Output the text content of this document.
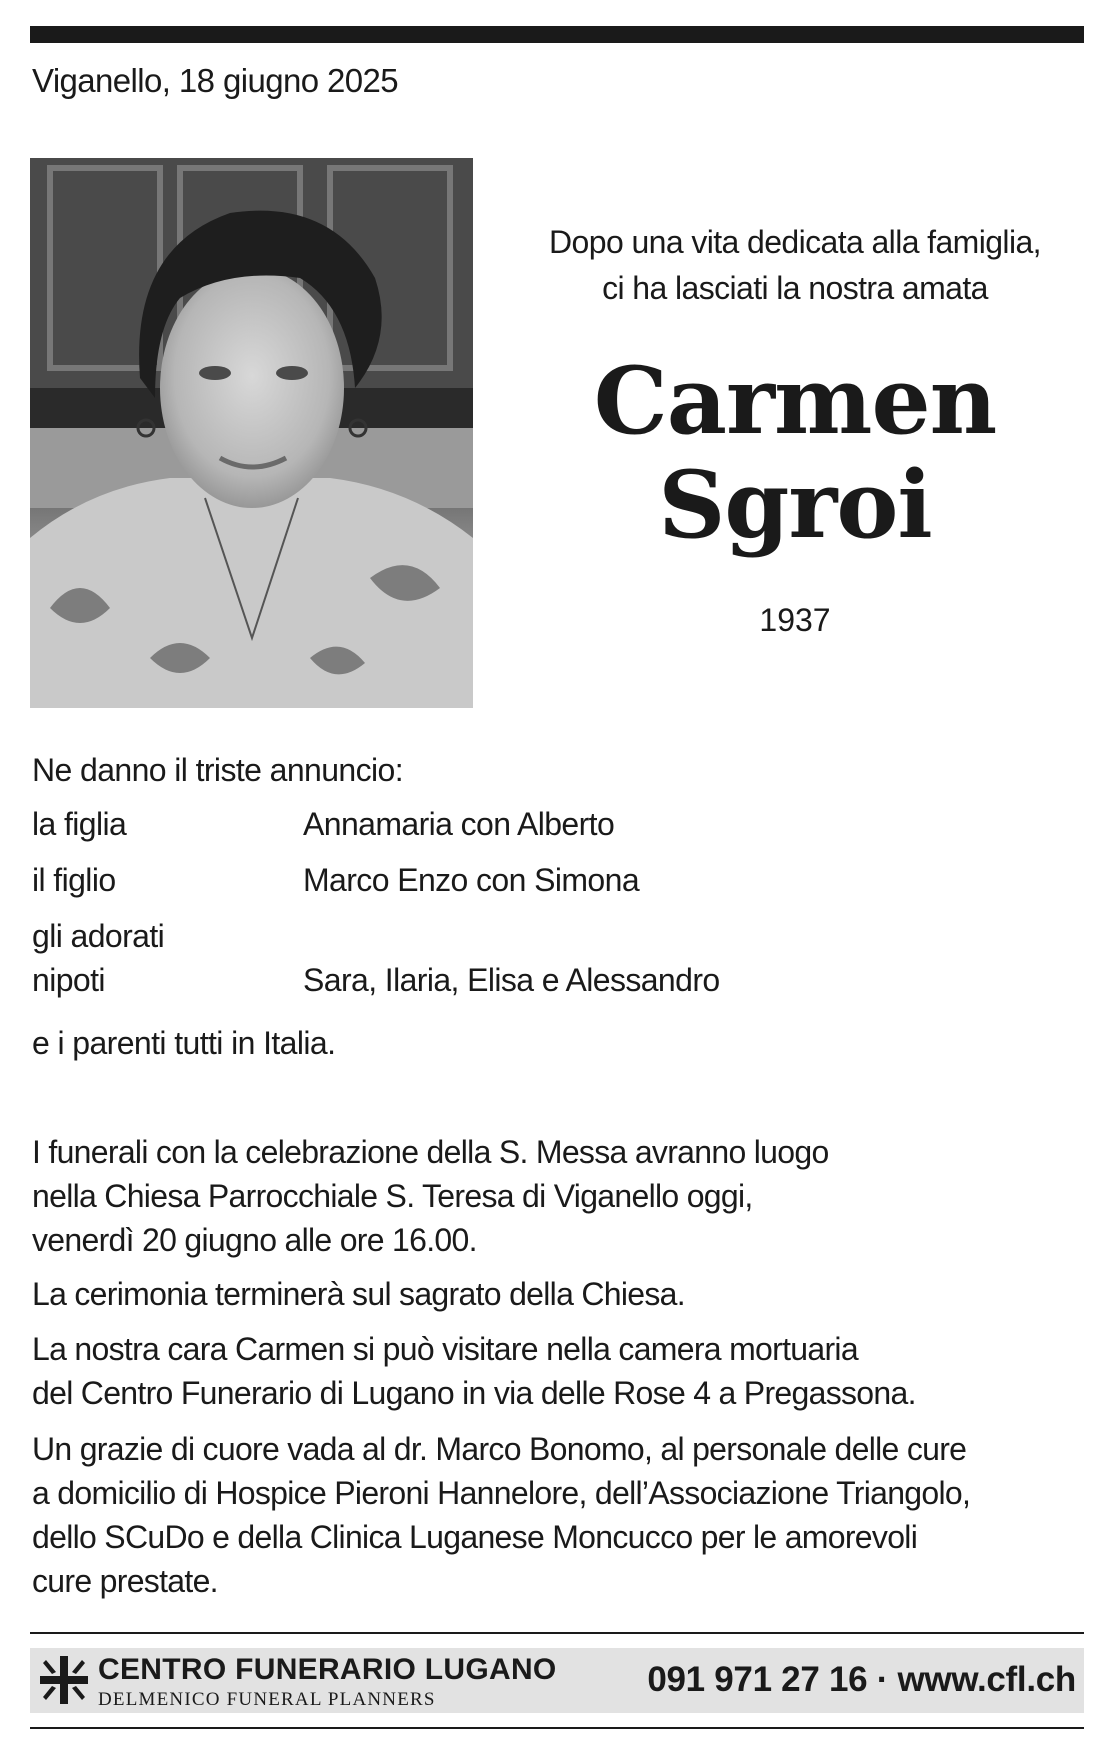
Viganello, 18 giugno 2025
Dopo una vita dedicata alla famiglia,
ci ha lasciati la nostra amata
Carmen
Sgroi
1937
Ne danno il triste annuncio:
la figlia	Annamaria con Alberto
il figlio	Marco Enzo con Simona
gli adorati
nipoti	Sara, Ilaria, Elisa e Alessandro
e i parenti tutti in Italia.
I funerali con la celebrazione della S. Messa avranno luogo
nella Chiesa Parrocchiale S. Teresa di Viganello oggi,
venerdì 20 giugno alle ore 16.00.
La cerimonia terminerà sul sagrato della Chiesa.
La nostra cara Carmen si può visitare nella camera mortuaria
del Centro Funerario di Lugano in via delle Rose 4 a Pregassona.
Un grazie di cuore vada al dr. Marco Bonomo, al personale delle cure
a domicilio di Hospice Pieroni Hannelore, dell’Associazione Triangolo,
dello SCuDo e della Clinica Luganese Moncucco per le amorevoli
cure prestate.
CENTRO FUNERARIO LUGANO
DELMENICO FUNERAL PLANNERS
091 971 27 16 · www.cfl.ch
